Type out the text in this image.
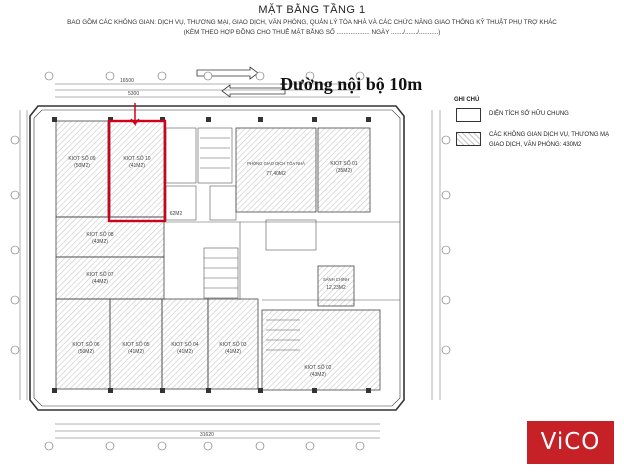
MẶT BẰNG TẦNG 1
BAO GỒM CÁC KHÔNG GIAN: DỊCH VỤ, THƯƠNG MẠI, GIAO DỊCH, VĂN PHÒNG, QUẢN LÝ TÒA NHÀ VÀ CÁC CHỨC NĂNG GIAO THÔNG KỸ THUẬT PHỤ TRỢ KHÁC
(KÈM THEO HỢP ĐỒNG CHO THUÊ MẶT BẰNG SỐ ................... NGÀY ......./......./...........)
16500
5300
31620
KIOT SỐ 09
(50M2)
KIOT SỐ 10
(41M2)
KIOT SỐ 08
(43M2)
KIOT SỐ 07
(44M2)
KIOT SỐ 06
(50M2)
KIOT SỐ 05
(41M2)
KIOT SỐ 04
(41M2)
KIOT SỐ 03
(41M2)
KIOT SỐ 02
(43M2)
KIOT SỐ 01
(35M2)
PHÒNG GIAO DỊCH TÒA NHÀ
77,40M2
SẢNH CHÍNH
12,23M2
62M2
Đường nội bộ 10m
GHI CHÚ
DIỆN TÍCH SỞ HỮU CHUNG
CÁC KHÔNG GIAN DỊCH VỤ, THƯƠNG MẠ
GIAO DỊCH, VĂN PHÒNG: 430M2
ViCO
